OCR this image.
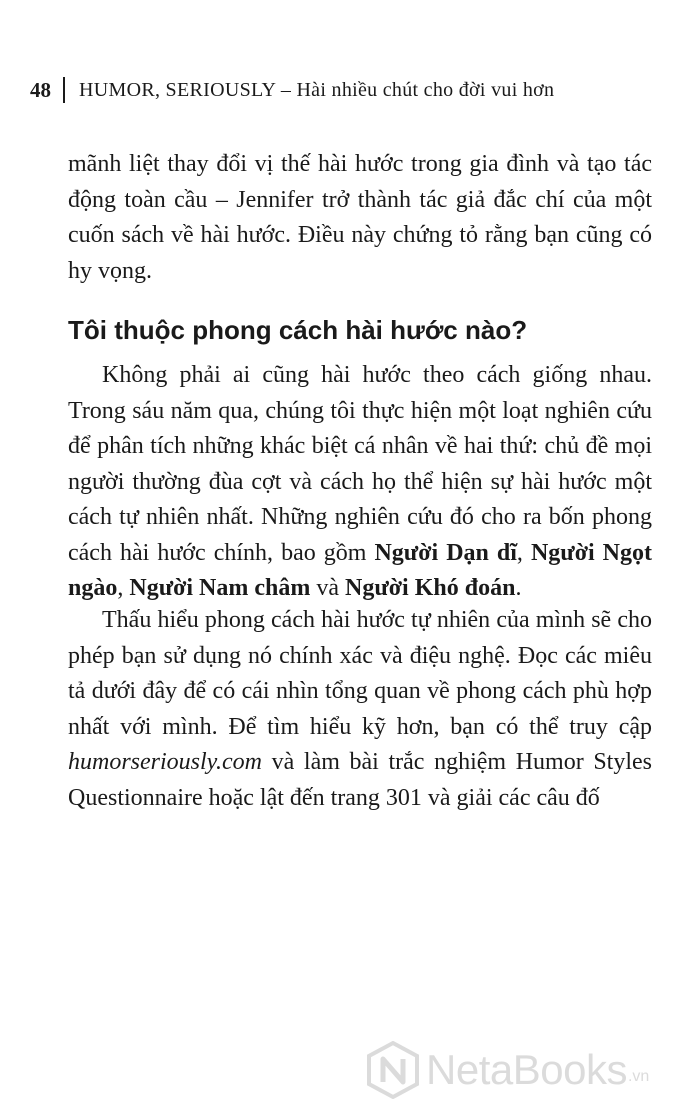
48 HUMOR, SERIOUSLY – Hài nhiều chút cho đời vui hơn

mãnh liệt thay đổi vị thế hài hước trong gia đình và tạo tác động toàn cầu – Jennifer trở thành tác giả đắc chí của một cuốn sách về hài hước. Điều này chứng tỏ rằng bạn cũng có hy vọng.

Tôi thuộc phong cách hài hước nào?

Không phải ai cũng hài hước theo cách giống nhau. Trong sáu năm qua, chúng tôi thực hiện một loạt nghiên cứu để phân tích những khác biệt cá nhân về hai thứ: chủ đề mọi người thường đùa cợt và cách họ thể hiện sự hài hước một cách tự nhiên nhất. Những nghiên cứu đó cho ra bốn phong cách hài hước chính, bao gồm Người Dạn dĩ, Người Ngọt ngào, Người Nam châm và Người Khó đoán.

Thấu hiểu phong cách hài hước tự nhiên của mình sẽ cho phép bạn sử dụng nó chính xác và điệu nghệ. Đọc các miêu tả dưới đây để có cái nhìn tổng quan về phong cách phù hợp nhất với mình. Để tìm hiểu kỹ hơn, bạn có thể truy cập humorseriously.com và làm bài trắc nghiệm Humor Styles Questionnaire hoặc lật đến trang 301 và giải các câu đố

NetaBooks .vn
